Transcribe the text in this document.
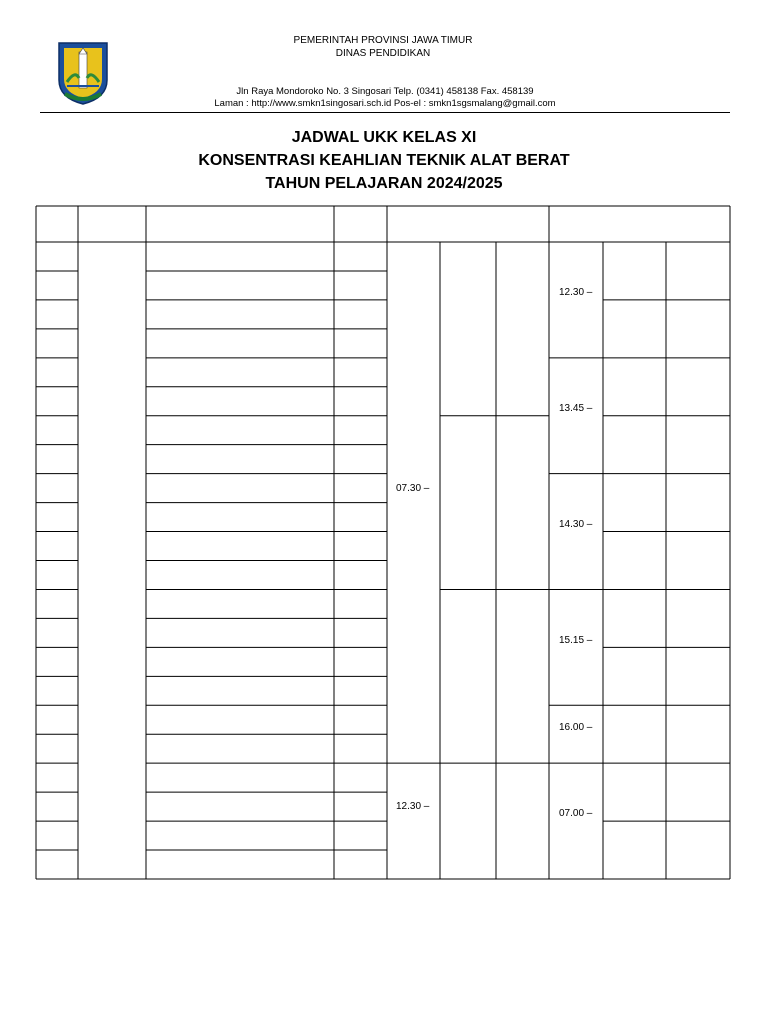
PEMERINTAH PROVINSI JAWA TIMUR
DINAS PENDIDIKAN
Jln Raya Mondoroko No. 3 Singosari Telp. (0341) 458138 Fax. 458139
Laman : http://www.smkn1singosari.sch.id Pos-el : smkn1sgsmalang@gmail.com
JADWAL UKK KELAS XI
KONSENTRASI KEAHLIAN TEKNIK ALAT BERAT
TAHUN PELAJARAN 2024/2025
07.30 –
12.30 –
12.30 –
13.45 –
14.30 –
15.15 –
16.00 –
07.00 –
